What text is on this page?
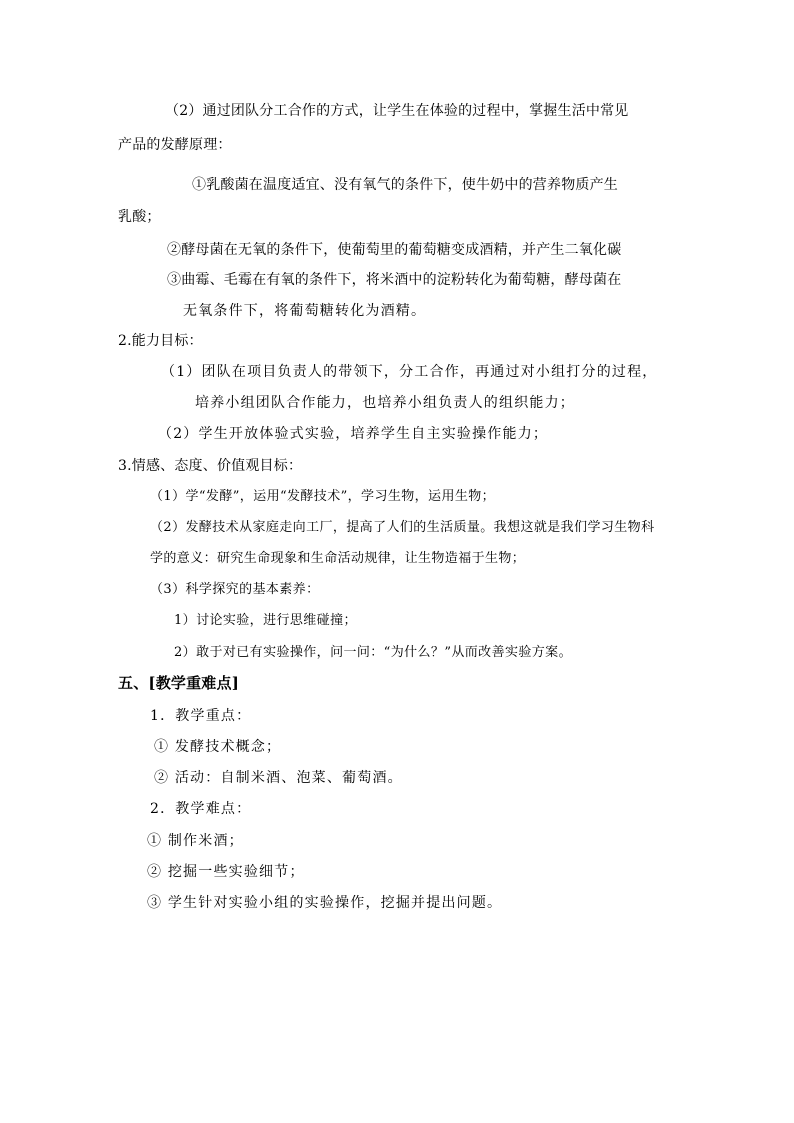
（2）通过团队分工合作的方式，让学生在体验的过程中，掌握生活中常见
产品的发酵原理：
①乳酸菌在温度适宜、没有氧气的条件下，使牛奶中的营养物质产生
乳酸；
②酵母菌在无氧的条件下，使葡萄里的葡萄糖变成酒精，并产生二氧化碳
③曲霉、毛霉在有氧的条件下，将米酒中的淀粉转化为葡萄糖，酵母菌在
无氧条件下，将葡萄糖转化为酒精。
2.能力目标：
（1）团队在项目负责人的带领下，分工合作，再通过对小组打分的过程，
培养小组团队合作能力，也培养小组负责人的组织能力；
（2）学生开放体验式实验，培养学生自主实验操作能力；
3.情感、态度、价值观目标：
（1）学“发酵”，运用“发酵技术”，学习生物，运用生物；
（2）发酵技术从家庭走向工厂，提高了人们的生活质量。我想这就是我们学习生物科
学的意义：研究生命现象和生命活动规律，让生物造福于生物；
（3）科学探究的基本素养：
1）讨论实验，进行思维碰撞；
2）敢于对已有实验操作，问一问：“为什么？”从而改善实验方案。
五、[教学重难点]
1．教学重点：
① 发酵技术概念；
② 活动：自制米酒、泡菜、葡萄酒。
2．教学难点：
① 制作米酒；
② 挖掘一些实验细节；
③ 学生针对实验小组的实验操作，挖掘并提出问题。
